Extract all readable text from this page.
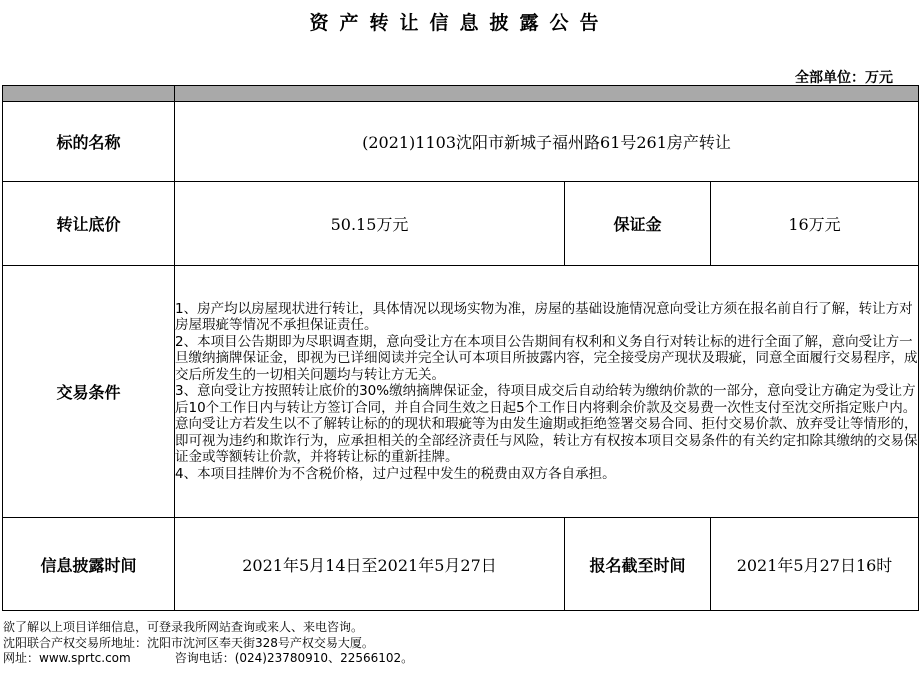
资产转让信息披露公告
全部单位：万元

标的名称	(2021)1103沈阳市新城子福州路61号261房产转让		
转让底价	50.15万元	保证金	16万元
交易条件	1、房产均以房屋现状进行转让，具体情况以现场实物为准，房屋的基础设施情况意向受让方须在报名前自行了解，转让方对房屋瑕疵等情况不承担保证责任。
2、本项目公告期即为尽职调查期，意向受让方在本项目公告期间有权利和义务自行对转让标的进行全面了解，意向受让方一旦缴纳摘牌保证金，即视为已详细阅读并完全认可本项目所披露内容，完全接受房产现状及瑕疵，同意全面履行交易程序，成交后所发生的一切相关问题均与转让方无关。
3、意向受让方按照转让底价的30%缴纳摘牌保证金，待项目成交后自动给转为缴纳价款的一部分，意向受让方确定为受让方后10个工作日内与转让方签订合同，并自合同生效之日起5个工作日内将剩余价款及交易费一次性支付至沈交所指定账户内。意向受让方若发生以不了解转让标的的现状和瑕疵等为由发生逾期或拒绝签署交易合同、拒付交易价款、放弃受让等情形的，即可视为违约和欺诈行为，应承担相关的全部经济责任与风险，转让方有权按本项目交易条件的有关约定扣除其缴纳的交易保证金或等额转让价款，并将转让标的重新挂牌。
4、本项目挂牌价为不含税价格，过户过程中发生的税费由双方各自承担。		

信息披露时间	2021年5月14日至2021年5月27日	报名截至时间	2021年5月27日16时
欲了解以上项目详细信息，可登录我所网站查询或来人、来电咨询。
沈阳联合产权交易所地址：沈阳市沈河区奉天街328号产权交易大厦。
网址：www.sprtc.com	咨询电话：(024)23780910、22566102。
